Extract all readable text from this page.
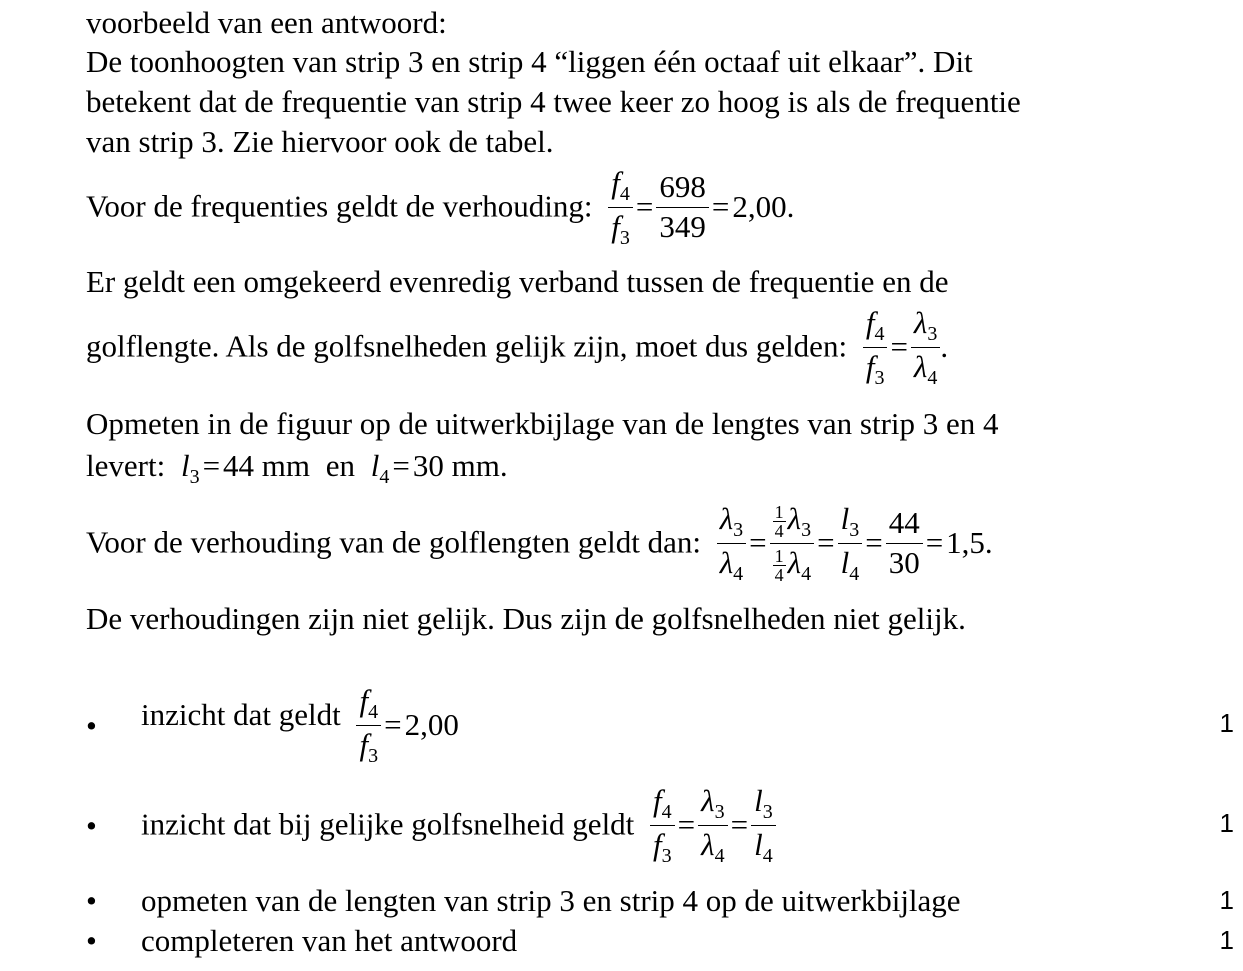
voorbeeld van een antwoord:
De toonhoogten van strip 3 en strip 4 “liggen één octaaf uit elkaar”. Dit
betekent dat de frequentie van strip 4 twee keer zo hoog is als de frequentie
van strip 3. Zie hiervoor ook de tabel.
Voor de frequenties geldt de verhouding: $\frac{f_4}{f_3} = \frac{698}{349} =2,00$.
Er geldt een omgekeerd evenredig verband tussen de frequentie en de
golflengte. Als de golfsnelheden gelijk zijn, moet dus gelden: $\frac{f_4}{f_3} = \frac{\lambda_3}{\lambda_4}$ .
Opmeten in de figuur op de uitwerkbijlage van de lengtes van strip 3 en 4
levert: $l_3=44$ mm en $l_4=30$ mm.
Voor de verhouding van de golflengten geldt dan: $\frac{\lambda_3}{\lambda_4} = \frac{\frac{1}{4} \lambda_3}{\frac{1}{4} \lambda_4} = \frac{l_3}{l_4} = \frac{44}{30} =1,5$.
De verhoudingen zijn niet gelijk. Dus zijn de golfsnelheden niet gelijk.
• inzicht dat geldt $\frac{f_4}{f_3} =2,00$	1
• inzicht dat bij gelijke golfsnelheid geldt $\frac{f_4}{f_3} = \frac{\lambda_3}{\lambda_4} = \frac{l_3}{l_4}$	1
• opmeten van de lengten van strip 3 en strip 4 op de uitwerkbijlage	1
• completeren van het antwoord	1
